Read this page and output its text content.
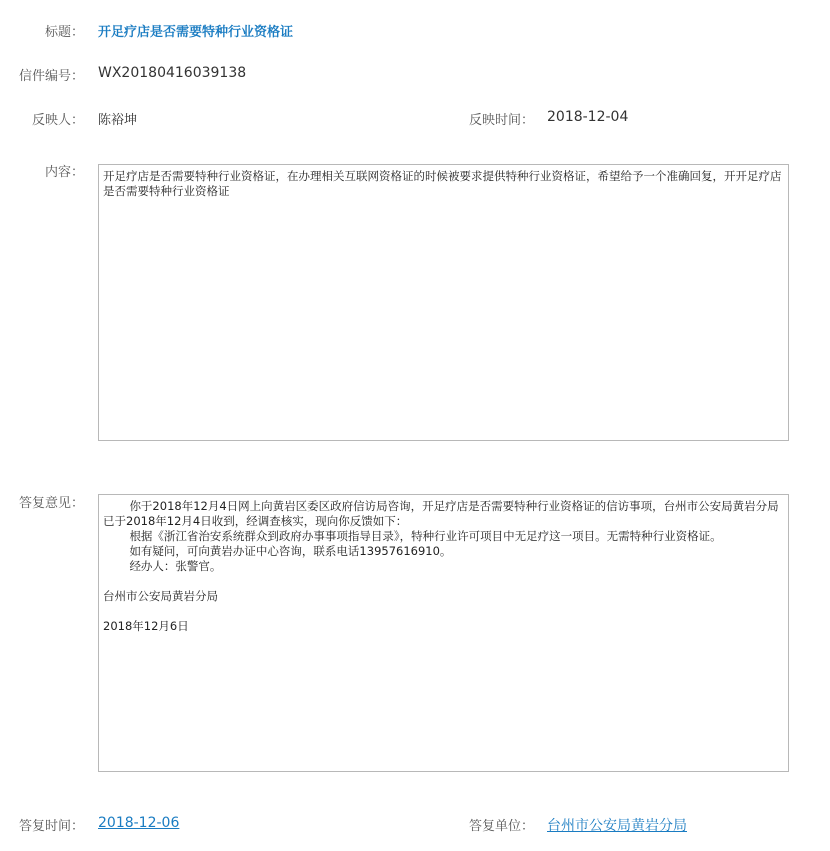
标题： 开足疗店是否需要特种行业资格证
信件编号： WX20180416039138
反映人： 陈裕坤	反映时间： 2018-12-04
内容： 开足疗店是否需要特种行业资格证，在办理相关互联网资格证的时候被要求提供特种行业资格证，希望给予一个准确回复，开开足疗店是否需要特种行业资格证

答复意见：	你于2018年12月4日网上向黄岩区委区政府信访局咨询，开足疗店是否需要特种行业资格证的信访事项，台州市公安局黄岩分局已于2018年12月4日收到，经调查核实，现向你反馈如下：

根据《浙江省治安系统群众到政府办事事项指导目录》，特种行业许可项目中无足疗这一项目。无需特种行业资格证。

如有疑问，可向黄岩办证中心咨询，联系电话13957616910。

经办人：张警官。

台州市公安局黄岩分局

2018年12月6日

答复时间： 2018-12-06	答复单位： 台州市公安局黄岩分局
